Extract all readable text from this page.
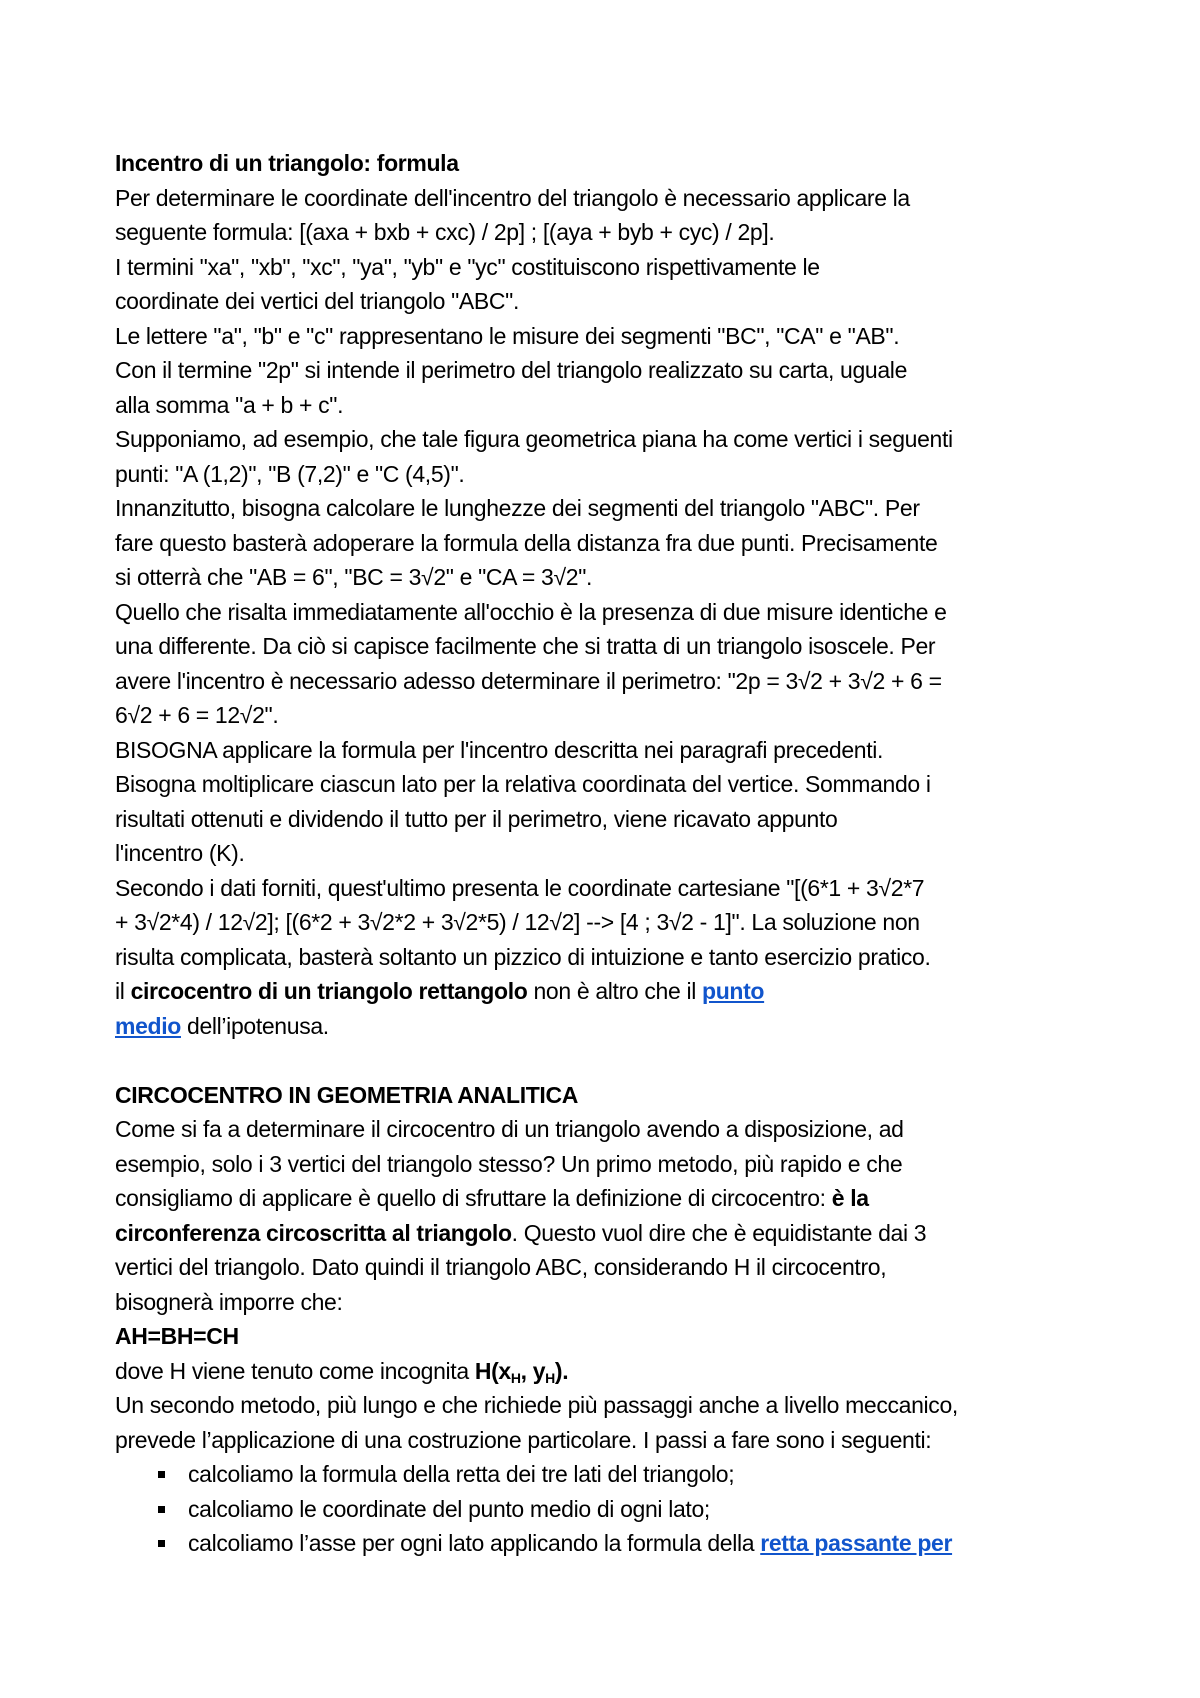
Incentro di un triangolo: formula
Per determinare le coordinate dell'incentro del triangolo è necessario applicare la
seguente formula: [(axa + bxb + cxc) / 2p] ; [(aya + byb + cyc) / 2p].
I termini "xa", "xb", "xc", "ya", "yb" e "yc" costituiscono rispettivamente le
coordinate dei vertici del triangolo "ABC".
Le lettere "a", "b" e "c" rappresentano le misure dei segmenti "BC", "CA" e "AB".
Con il termine "2p" si intende il perimetro del triangolo realizzato su carta, uguale
alla somma "a + b + c".
Supponiamo, ad esempio, che tale figura geometrica piana ha come vertici i seguenti
punti: "A (1,2)", "B (7,2)" e "C (4,5)".
Innanzitutto, bisogna calcolare le lunghezze dei segmenti del triangolo "ABC". Per
fare questo basterà adoperare la formula della distanza fra due punti. Precisamente
si otterrà che "AB = 6", "BC = 3√2" e "CA = 3√2".
Quello che risalta immediatamente all'occhio è la presenza di due misure identiche e
una differente. Da ciò si capisce facilmente che si tratta di un triangolo isoscele. Per
avere l'incentro è necessario adesso determinare il perimetro: "2p = 3√2 + 3√2 + 6 =
6√2 + 6 = 12√2".
BISOGNA applicare la formula per l'incentro descritta nei paragrafi precedenti.
Bisogna moltiplicare ciascun lato per la relativa coordinata del vertice. Sommando i
risultati ottenuti e dividendo il tutto per il perimetro, viene ricavato appunto
l'incentro (K).
Secondo i dati forniti, quest'ultimo presenta le coordinate cartesiane "[(6*1 + 3√2*7
+ 3√2*4) / 12√2]; [(6*2 + 3√2*2 + 3√2*5) / 12√2] --> [4 ; 3√2 - 1]". La soluzione non
risulta complicata, basterà soltanto un pizzico di intuizione e tanto esercizio pratico.
il circocentro di un triangolo rettangolo non è altro che il punto
medio dell’ipotenusa.
CIRCOCENTRO IN GEOMETRIA ANALITICA
Come si fa a determinare il circocentro di un triangolo avendo a disposizione, ad
esempio, solo i 3 vertici del triangolo stesso? Un primo metodo, più rapido e che
consigliamo di applicare è quello di sfruttare la definizione di circocentro: è la
circonferenza circoscritta al triangolo. Questo vuol dire che è equidistante dai 3
vertici del triangolo. Dato quindi il triangolo ABC, considerando H il circocentro,
bisognerà imporre che:
AH=BH=CH
dove H viene tenuto come incognita $H(x_H$, $y_H$).
Un secondo metodo, più lungo e che richiede più passaggi anche a livello meccanico,
prevede l’applicazione di una costruzione particolare. I passi a fare sono i seguenti:
calcoliamo la formula della retta dei tre lati del triangolo;
calcoliamo le coordinate del punto medio di ogni lato;
calcoliamo l’asse per ogni lato applicando la formula della retta passante per
